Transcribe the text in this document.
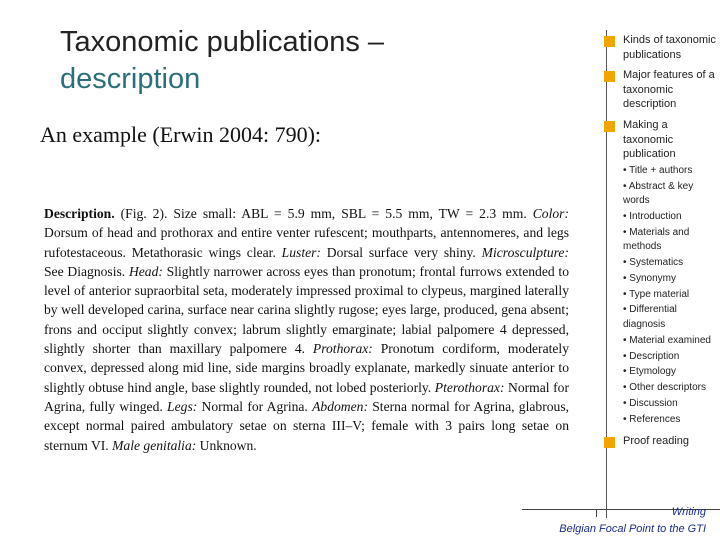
Taxonomic publications –
description
An example (Erwin 2004: 790):
Description. (Fig. 2). Size small: ABL = 5.9 mm, SBL = 5.5 mm, TW = 2.3 mm. Color: Dorsum of head and prothorax and entire venter rufescent; mouthparts, antennomeres, and legs rufotestaceous. Metathorasic wings clear. Luster: Dorsal surface very shiny. Microsculpture: See Diagnosis. Head: Slightly narrower across eyes than pronotum; frontal furrows extended to level of anterior supraorbital seta, moderately impressed proximal to clypeus, margined laterally by well developed carina, surface near carina slightly rugose; eyes large, produced, gena absent; frons and occiput slightly convex; labrum slightly emarginate; labial palpomere 4 depressed, slightly shorter than maxillary palpomere 4. Prothorax: Pronotum cordiform, moderately convex, depressed along mid line, side margins broadly explanate, markedly sinuate anterior to slightly obtuse hind angle, base slightly rounded, not lobed posteriorly. Pterothorax: Normal for Agrina, fully winged. Legs: Normal for Agrina. Abdomen: Sterna normal for Agrina, glabrous, except normal paired ambulatory setae on sterna III–V; female with 3 pairs long setae on sternum VI. Male genitalia: Unknown.
Kinds of taxonomic publications
Major features of a taxonomic description
Making a taxonomic publication
• Title + authors
• Abstract & key words
• Introduction
• Materials and methods
• Systematics
• Synonymy
• Type material
• Differential diagnosis
• Material examined
• Description
• Etymology
• Other descriptors
• Discussion
• References
Proof reading
Writing
Belgian Focal Point to the GTI
